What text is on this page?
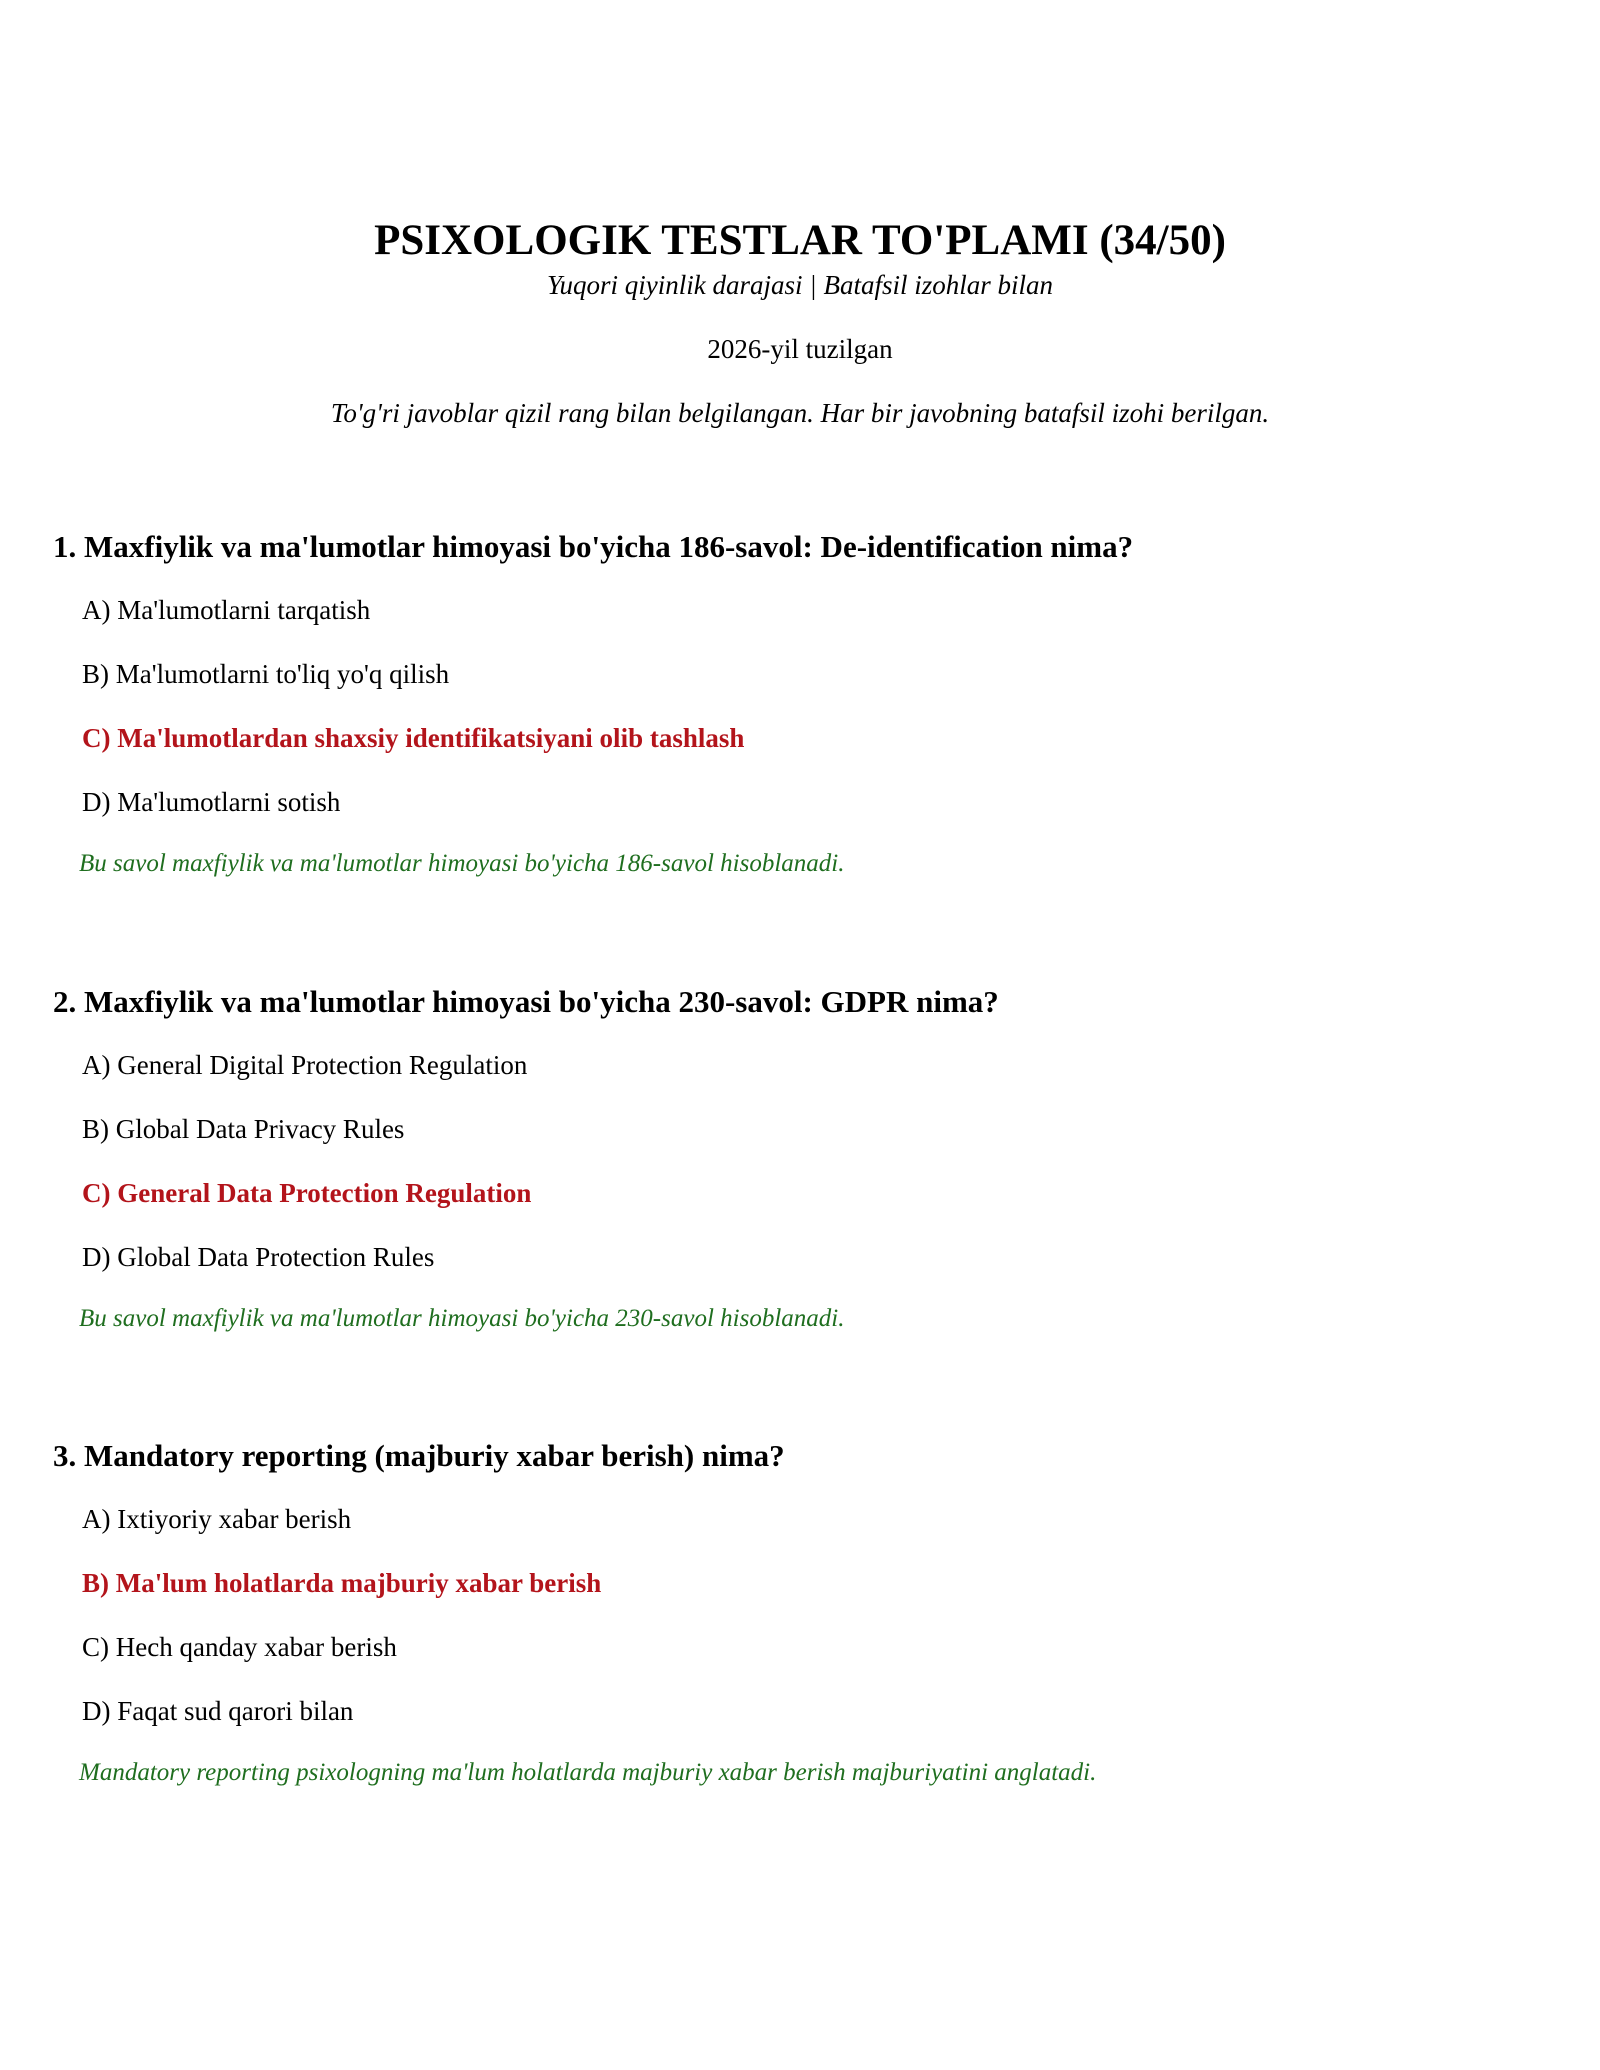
PSIXOLOGIK TESTLAR TO'PLAMI (34/50)
Yuqori qiyinlik darajasi | Batafsil izohlar bilan
2026-yil tuzilgan
To'g'ri javoblar qizil rang bilan belgilangan. Har bir javobning batafsil izohi berilgan.

1. Maxfiylik va ma'lumotlar himoyasi bo'yicha 186-savol: De-identification nima?

A) Ma'lumotlarni tarqatish
B) Ma'lumotlarni to'liq yo'q qilish
C) Ma'lumotlardan shaxsiy identifikatsiyani olib tashlash
D) Ma'lumotlarni sotish
Bu savol maxfiylik va ma'lumotlar himoyasi bo'yicha 186-savol hisoblanadi.

2. Maxfiylik va ma'lumotlar himoyasi bo'yicha 230-savol: GDPR nima?

A) General Digital Protection Regulation
B) Global Data Privacy Rules
C) General Data Protection Regulation
D) Global Data Protection Rules
Bu savol maxfiylik va ma'lumotlar himoyasi bo'yicha 230-savol hisoblanadi.

3. Mandatory reporting (majburiy xabar berish) nima?

A) Ixtiyoriy xabar berish
B) Ma'lum holatlarda majburiy xabar berish
C) Hech qanday xabar berish
D) Faqat sud qarori bilan
Mandatory reporting psixologning ma'lum holatlarda majburiy xabar berish majburiyatini anglatadi.
